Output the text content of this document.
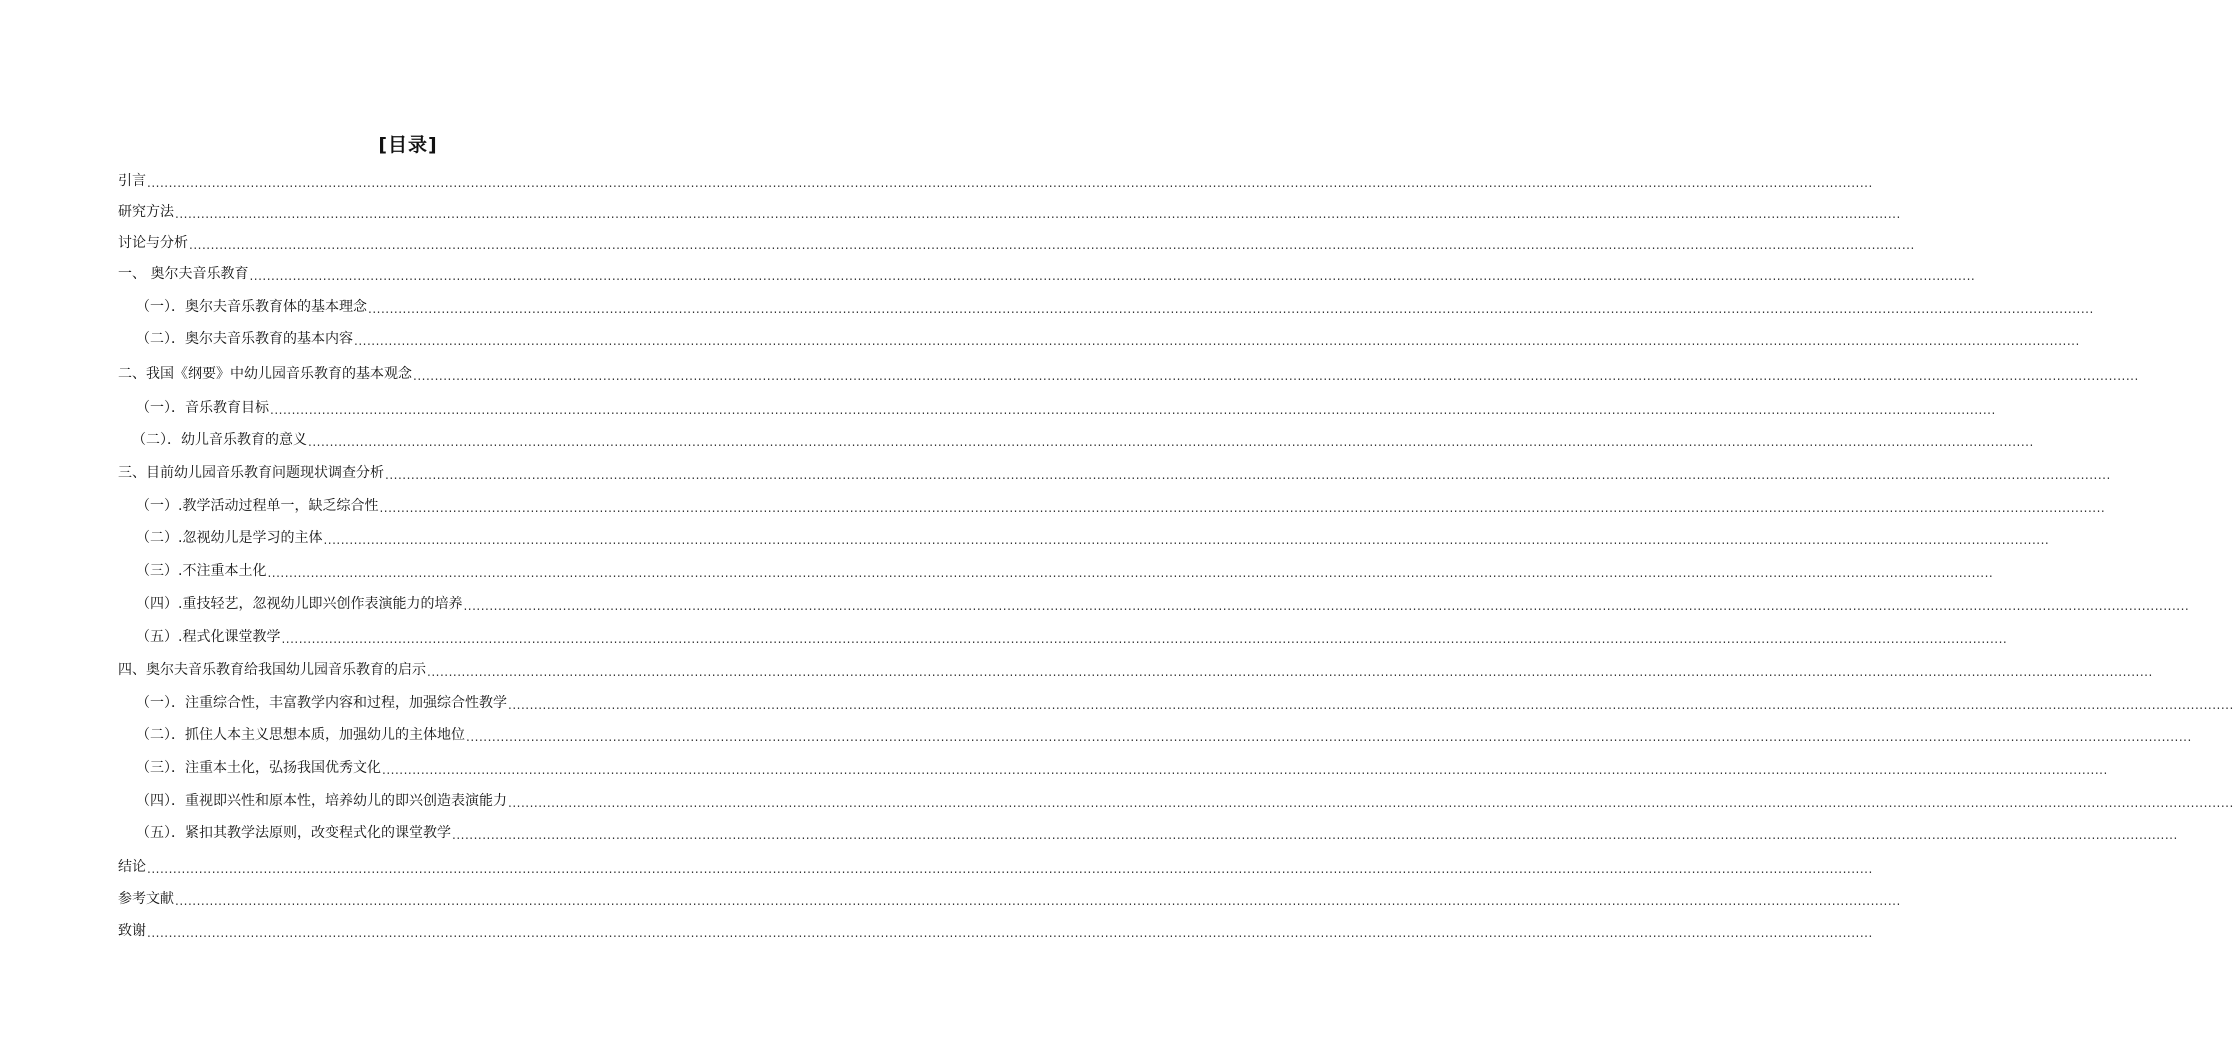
[目录]
引言 ................................................................................................................................................................................................................................................................................................................................................................................................................
研究方法 ................................................................................................................................................................................................................................................................................................................................................................................................................
讨论与分析 ................................................................................................................................................................................................................................................................................................................................................................................................................
一、 奥尔夫音乐教育 ................................................................................................................................................................................................................................................................................................................................................................................................................
（一）．奥尔夫音乐教育体的基本理念 ................................................................................................................................................................................................................................................................................................................................................................................................................
（二）．奥尔夫音乐教育的基本内容 ................................................................................................................................................................................................................................................................................................................................................................................................................
二、我国《纲要》中幼儿园音乐教育的基本观念 ................................................................................................................................................................................................................................................................................................................................................................................................................
（一）．音乐教育目标 ................................................................................................................................................................................................................................................................................................................................................................................................................
（二）．幼儿音乐教育的意义 ................................................................................................................................................................................................................................................................................................................................................................................................................
三、目前幼儿园音乐教育问题现状调查分析 ................................................................................................................................................................................................................................................................................................................................................................................................................
（一）.教学活动过程单一，缺乏综合性 ................................................................................................................................................................................................................................................................................................................................................................................................................
（二）.忽视幼儿是学习的主体 ................................................................................................................................................................................................................................................................................................................................................................................................................
（三）.不注重本土化 ................................................................................................................................................................................................................................................................................................................................................................................................................
（四）.重技轻艺，忽视幼儿即兴创作表演能力的培养 ................................................................................................................................................................................................................................................................................................................................................................................................................
（五）.程式化课堂教学 ................................................................................................................................................................................................................................................................................................................................................................................................................
四、奥尔夫音乐教育给我国幼儿园音乐教育的启示 ................................................................................................................................................................................................................................................................................................................................................................................................................
（一）．注重综合性，丰富教学内容和过程，加强综合性教学 ................................................................................................................................................................................................................................................................................................................................................................................................................
（二）．抓住人本主义思想本质，加强幼儿的主体地位 ................................................................................................................................................................................................................................................................................................................................................................................................................
（三）．注重本土化，弘扬我国优秀文化 ................................................................................................................................................................................................................................................................................................................................................................................................................
（四）．重视即兴性和原本性，培养幼儿的即兴创造表演能力 ................................................................................................................................................................................................................................................................................................................................................................................................................
（五）．紧扣其教学法原则，改变程式化的课堂教学 ................................................................................................................................................................................................................................................................................................................................................................................................................
结论 ................................................................................................................................................................................................................................................................................................................................................................................................................
参考文献 ................................................................................................................................................................................................................................................................................................................................................................................................................
致谢 ................................................................................................................................................................................................................................................................................................................................................................................................................
